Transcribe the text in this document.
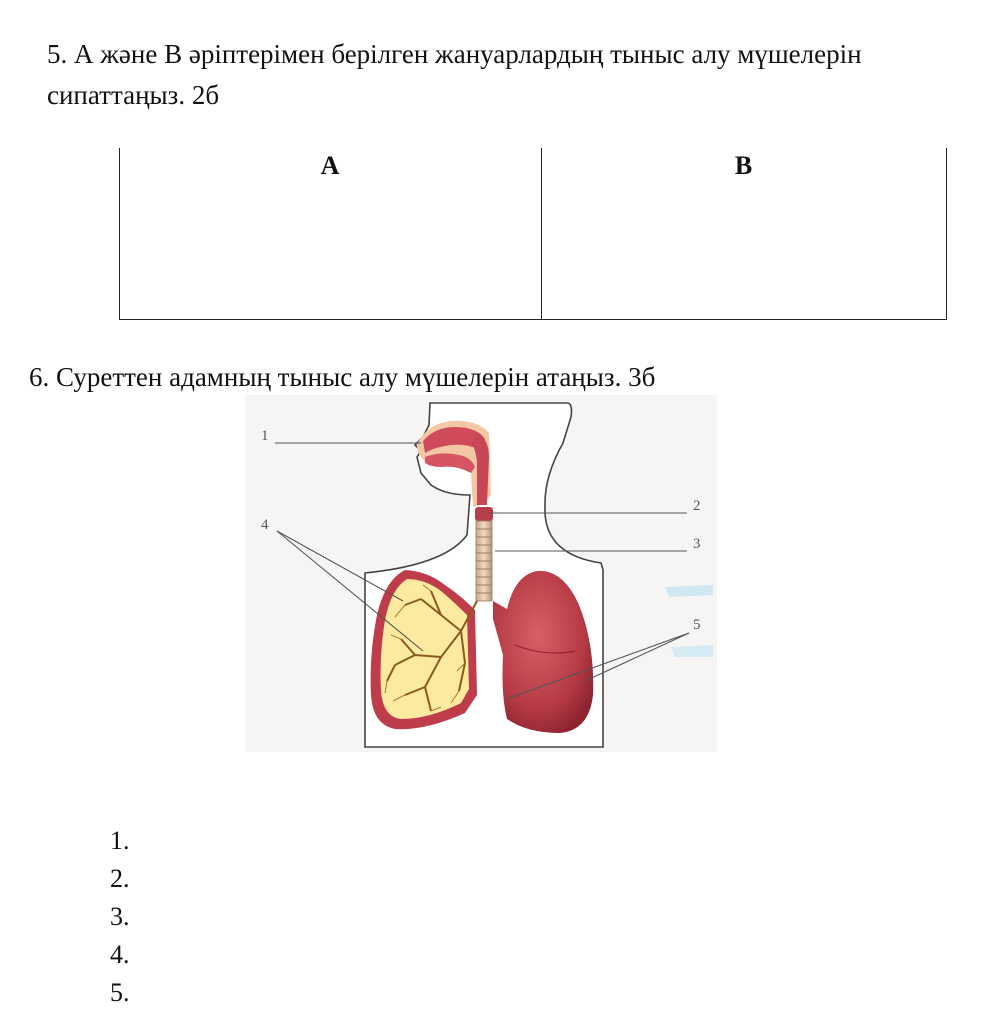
5. А және В әріптерімен берілген жануарлардың тыныс алу мүшелерін сипаттаңыз. 2б
А	В
6. Суреттен адамның тыныс алу мүшелерін атаңыз. 3б
1
2
3
4
5
1.
2.
3.
4.
5.
